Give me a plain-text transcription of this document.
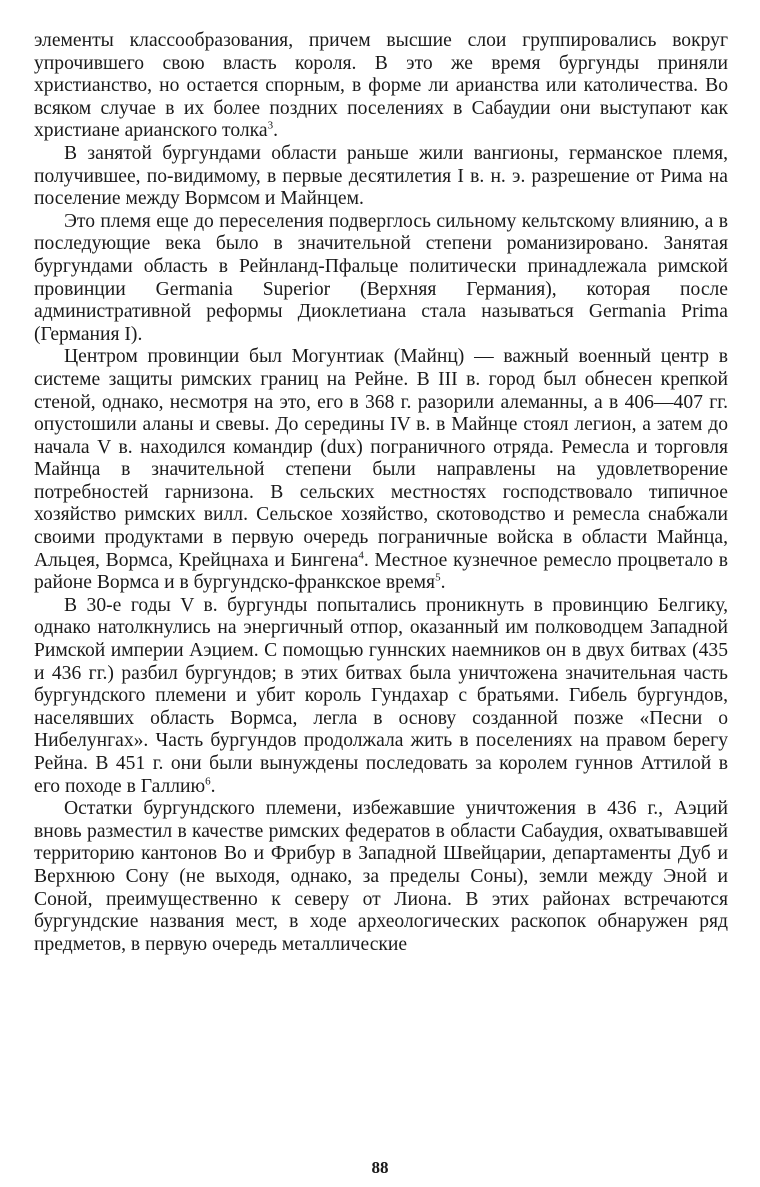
элементы классообразования, причем высшие слои группировались вокруг упрочившего свою власть короля. В это же время бургунды приняли христианство, но остается спорным, в форме ли арианства или католичества. Во всяком случае в их более поздних поселениях в Сабаудии они выступают как христиане арианского толка$^3$.

В занятой бургундами области раньше жили вангионы, германское племя, получившее, по-видимому, в первые десятилетия I в. н. э. разрешение от Рима на поселение между Вормсом и Майнцем.

Это племя еще до переселения подверглось сильному кельтскому влиянию, а в последующие века было в значительной степени романизировано. Занятая бургундами область в Рейнланд-Пфальце политически принадлежала римской провинции Germania Superior (Верхняя Германия), которая после административной реформы Диоклетиана стала называться Germania Prima (Германия I).

Центром провинции был Могунтиак (Майнц) — важный военный центр в системе защиты римских границ на Рейне. В III в. город был обнесен крепкой стеной, однако, несмотря на это, его в 368 г. разорили алеманны, а в 406—407 гг. опустошили аланы и свевы. До середины IV в. в Майнце стоял легион, а затем до начала V в. находился командир (dux) пограничного отряда. Ремесла и торговля Майнца в значительной степени были направлены на удовлетворение потребностей гарнизона. В сельских местностях господствовало типичное хозяйство римских вилл. Сельское хозяйство, скотоводство и ремесла снабжали своими продуктами в первую очередь пограничные войска в области Майнца, Альцея, Вормса, Крейцнаха и Бингена$^4$. Местное кузнечное ремесло процветало в районе Вормса и в бургундско-франкское время$^5$.

В 30-е годы V в. бургунды попытались проникнуть в провинцию Белгику, однако натолкнулись на энергичный отпор, оказанный им полководцем Западной Римской империи Аэцием. С помощью гуннских наемников он в двух битвах (435 и 436 гг.) разбил бургундов; в этих битвах была уничтожена значительная часть бургундского племени и убит король Гундахар с братьями. Гибель бургундов, населявших область Вормса, легла в основу созданной позже «Песни о Нибелунгах». Часть бургундов продолжала жить в поселениях на правом берегу Рейна. В 451 г. они были вынуждены последовать за королем гуннов Аттилой в его походе в Галлию$^6$.

Остатки бургундского племени, избежавшие уничтожения в 436 г., Аэций вновь разместил в качестве римских федератов в области Сабаудия, охватывавшей территорию кантонов Во и Фрибур в Западной Швейцарии, департаменты Дуб и Верхнюю Сону (не выходя, однако, за пределы Соны), земли между Эной и Соной, преимущественно к северу от Лиона. В этих районах встречаются бургундские названия мест, в ходе археологических раскопок обнаружен ряд предметов, в первую очередь металлические

88
